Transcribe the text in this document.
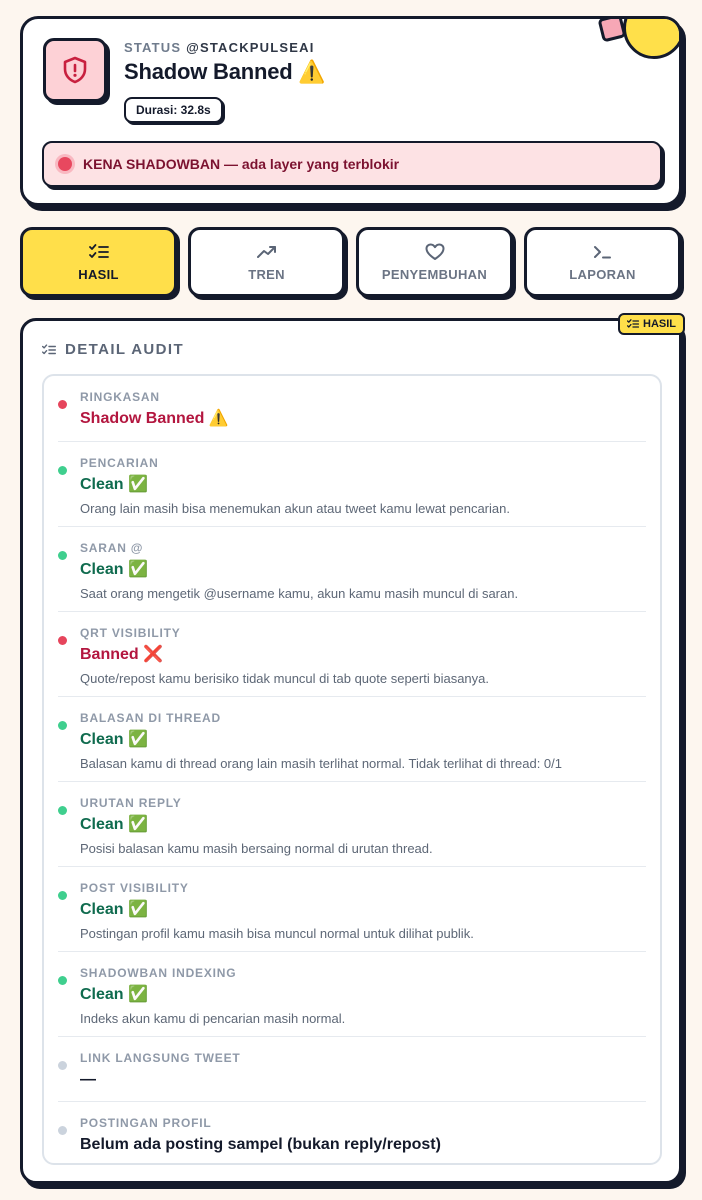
STATUS @STACKPULSEAI
Shadow Banned ⚠️
Durasi: 32.8s
KENA SHADOWBAN — ada layer yang terblokir
HASIL	TREN	PENYEMBUHAN	LAPORAN
HASIL
DETAIL AUDIT
RINGKASAN
Shadow Banned ⚠️
PENCARIAN
Clean ✅
Orang lain masih bisa menemukan akun atau tweet kamu lewat pencarian.
SARAN @
Clean ✅
Saat orang mengetik @username kamu, akun kamu masih muncul di saran.
QRT VISIBILITY
Banned ❌
Quote/repost kamu berisiko tidak muncul di tab quote seperti biasanya.
BALASAN DI THREAD
Clean ✅
Balasan kamu di thread orang lain masih terlihat normal. Tidak terlihat di thread: 0/1
URUTAN REPLY
Clean ✅
Posisi balasan kamu masih bersaing normal di urutan thread.
POST VISIBILITY
Clean ✅
Postingan profil kamu masih bisa muncul normal untuk dilihat publik.
SHADOWBAN INDEXING
Clean ✅
Indeks akun kamu di pencarian masih normal.
LINK LANGSUNG TWEET
—
POSTINGAN PROFIL
Belum ada posting sampel (bukan reply/repost)
